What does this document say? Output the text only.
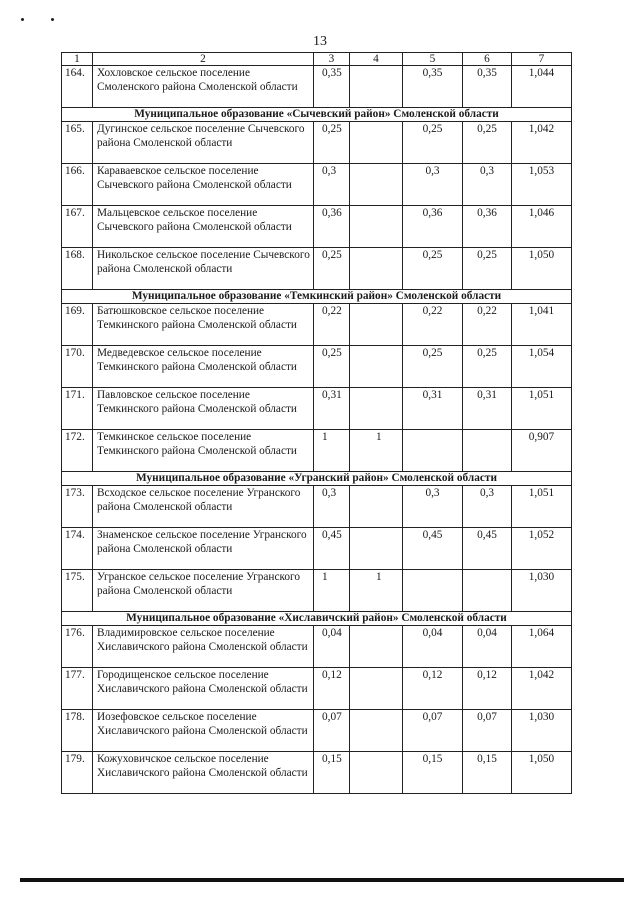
13
1	2	3	4	5	6	7
164.	Хохловское сельское поселение Смоленского района Смоленской области	0,35		0,35	0,35	1,044
Муниципальное образование «Сычевский район» Смоленской области						
165.	Дугинское сельское поселение Сычевского района Смоленской области	0,25		0,25	0,25	1,042
166.	Караваевское сельское поселение Сычевского района Смоленской области	0,3		0,3	0,3	1,053
167.	Мальцевское сельское поселение Сычевского района Смоленской области	0,36		0,36	0,36	1,046
168.	Никольское сельское поселение Сычевского района Смоленской области	0,25		0,25	0,25	1,050
Муниципальное образование «Темкинский район» Смоленской области						
169.	Батюшковское сельское поселение Темкинского района Смоленской области	0,22		0,22	0,22	1,041
170.	Медведевское сельское поселение Темкинского района Смоленской области	0,25		0,25	0,25	1,054
171.	Павловское сельское поселение Темкинского района Смоленской области	0,31		0,31	0,31	1,051
172.	Темкинское сельское поселение Темкинского района Смоленской области	1	1			0,907
Муниципальное образование «Угранский район» Смоленской области						
173.	Всходское сельское поселение Угранского района Смоленской области	0,3		0,3	0,3	1,051
174.	Знаменское сельское поселение Угранского района Смоленской области	0,45		0,45	0,45	1,052
175.	Угранское сельское поселение Угранского района Смоленской области	1	1			1,030
Муниципальное образование «Хиславичский район» Смоленской области						
176.	Владимировское сельское поселение Хиславичского района Смоленской области	0,04		0,04	0,04	1,064
177.	Городищенское сельское поселение Хиславичского района Смоленской области	0,12		0,12	0,12	1,042
178.	Иозефовское сельское поселение Хиславичского района Смоленской области	0,07		0,07	0,07	1,030
179.	Кожуховичское сельское поселение Хиславичского района Смоленской области	0,15		0,15	0,15	1,050
